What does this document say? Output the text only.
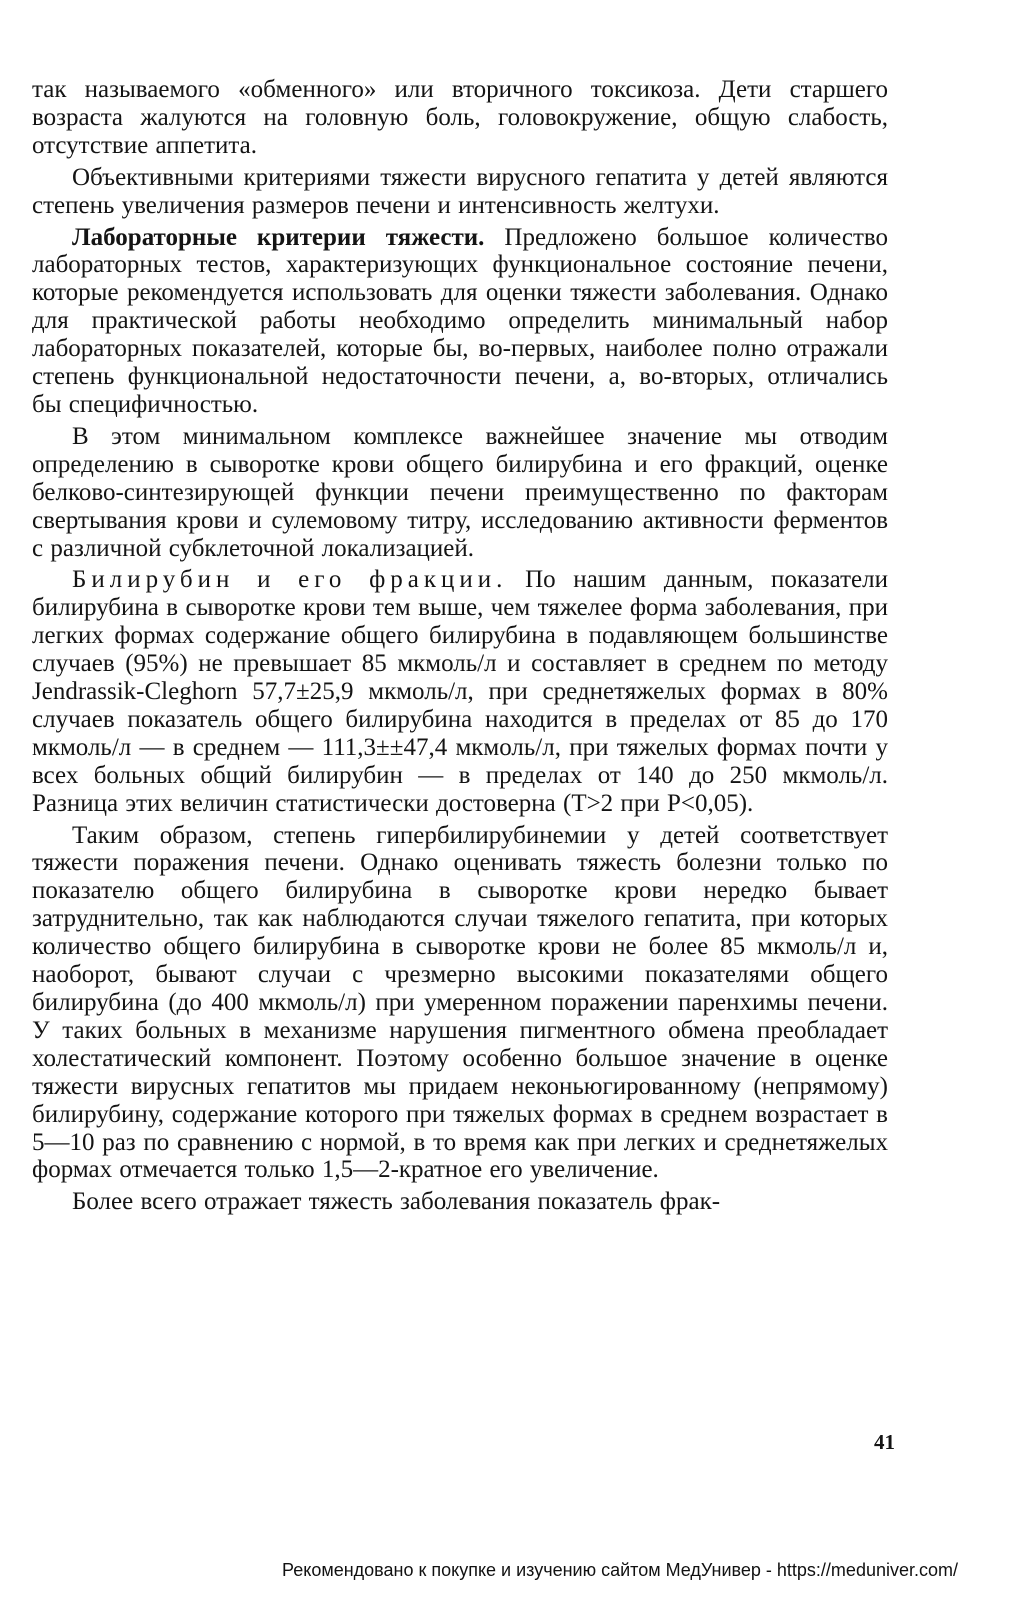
так называемого «обменного» или вторичного токсикоза. Дети старшего возраста жалуются на головную боль, головокружение, общую слабость, отсутствие аппетита.

Объективными критериями тяжести вирусного гепатита у детей являются степень увеличения размеров печени и интенсивность желтухи.

Лабораторные критерии тяжести. Предложено большое количество лабораторных тестов, характеризующих функциональное состояние печени, которые рекомендуется использовать для оценки тяжести заболевания. Однако для практической работы необходимо определить минимальный набор лабораторных показателей, которые бы, во-первых, наиболее полно отражали степень функциональной недостаточности печени, а, во-вторых, отличались бы специфичностью.

В этом минимальном комплексе важнейшее значение мы отводим определению в сыворотке крови общего билирубина и его фракций, оценке белково-синтезирующей функции печени преимущественно по факторам свертывания крови и сулемовому титру, исследованию активности ферментов с различной субклеточной локализацией.

Билирубин и его фракции. По нашим данным, показатели билирубина в сыворотке крови тем выше, чем тяжелее форма заболевания, при легких формах содержание общего билирубина в подавляющем большинстве случаев (95%) не превышает 85 мкмоль/л и составляет в среднем по методу Jendrassik-Cleghorn 57,7±25,9 мкмоль/л, при среднетяжелых формах в 80% случаев показатель общего билирубина находится в пределах от 85 до 170 мкмоль/л — в среднем — 111,3±±47,4 мкмоль/л, при тяжелых формах почти у всех больных общий билирубин — в пределах от 140 до 250 мкмоль/л. Разница этих величин статистически достоверна (Т>2 при Р<0,05).

Таким образом, степень гипербилирубинемии у детей соответствует тяжести поражения печени. Однако оценивать тяжесть болезни только по показателю общего билирубина в сыворотке крови нередко бывает затруднительно, так как наблюдаются случаи тяжелого гепатита, при которых количество общего билирубина в сыворотке крови не более 85 мкмоль/л и, наоборот, бывают случаи с чрезмерно высокими показателями общего билирубина (до 400 мкмоль/л) при умеренном поражении паренхимы печени. У таких больных в механизме нарушения пигментного обмена преобладает холестатический компонент. Поэтому особенно большое значение в оценке тяжести вирусных гепатитов мы придаем неконьюгированному (непрямому) билирубину, содержание которого при тяжелых формах в среднем возрастает в 5—10 раз по сравнению с нормой, в то время как при легких и среднетяжелых формах отмечается только 1,5—2-кратное его увеличение.

Более всего отражает тяжесть заболевания показатель фрак-

41
Рекомендовано к покупке и изучению сайтом МедУнивер - https://meduniver.com/
